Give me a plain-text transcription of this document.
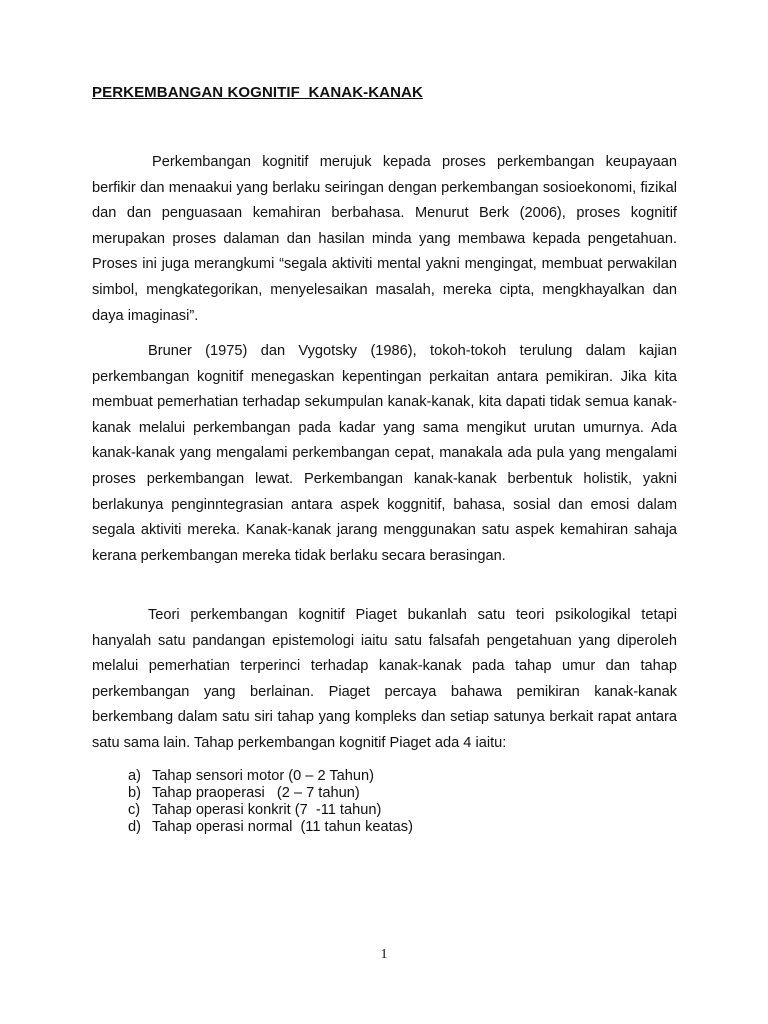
PERKEMBANGAN KOGNITIF  KANAK-KANAK

Perkembangan kognitif merujuk kepada proses perkembangan keupayaan berfikir dan menaakui yang berlaku seiringan dengan perkembangan sosioekonomi, fizikal dan dan penguasaan kemahiran berbahasa. Menurut Berk (2006), proses kognitif merupakan proses dalaman dan hasilan minda yang membawa kepada pengetahuan. Proses ini juga merangkumi “segala aktiviti mental yakni mengingat, membuat perwakilan simbol, mengkategorikan, menyelesaikan masalah, mereka cipta, mengkhayalkan dan daya imaginasi”.

Bruner (1975) dan Vygotsky (1986), tokoh-tokoh terulung dalam kajian perkembangan kognitif menegaskan kepentingan perkaitan antara pemikiran. Jika kita membuat pemerhatian terhadap sekumpulan kanak-kanak, kita dapati tidak semua kanak-kanak melalui perkembangan pada kadar yang sama mengikut urutan umurnya. Ada kanak-kanak yang mengalami perkembangan cepat, manakala ada pula yang mengalami proses perkembangan lewat. Perkembangan kanak-kanak berbentuk holistik, yakni berlakunya penginntegrasian antara aspek koggnitif, bahasa, sosial dan emosi dalam segala aktiviti mereka. Kanak-kanak jarang menggunakan satu aspek kemahiran sahaja kerana perkembangan mereka tidak berlaku secara berasingan.

Teori perkembangan kognitif Piaget bukanlah satu teori psikologikal tetapi hanyalah satu pandangan epistemologi iaitu satu falsafah pengetahuan yang diperoleh melalui pemerhatian terperinci terhadap kanak-kanak pada tahap umur dan tahap perkembangan yang berlainan. Piaget percaya bahawa pemikiran kanak-kanak berkembang dalam satu siri tahap yang kompleks dan setiap satunya berkait rapat antara satu sama lain. Tahap perkembangan kognitif Piaget ada 4 iaitu:

a) Tahap sensori motor (0 – 2 Tahun)
b) Tahap praoperasi   (2 – 7 tahun)
c) Tahap operasi konkrit (7  -11 tahun)
d) Tahap operasi normal  (11 tahun keatas)
1
